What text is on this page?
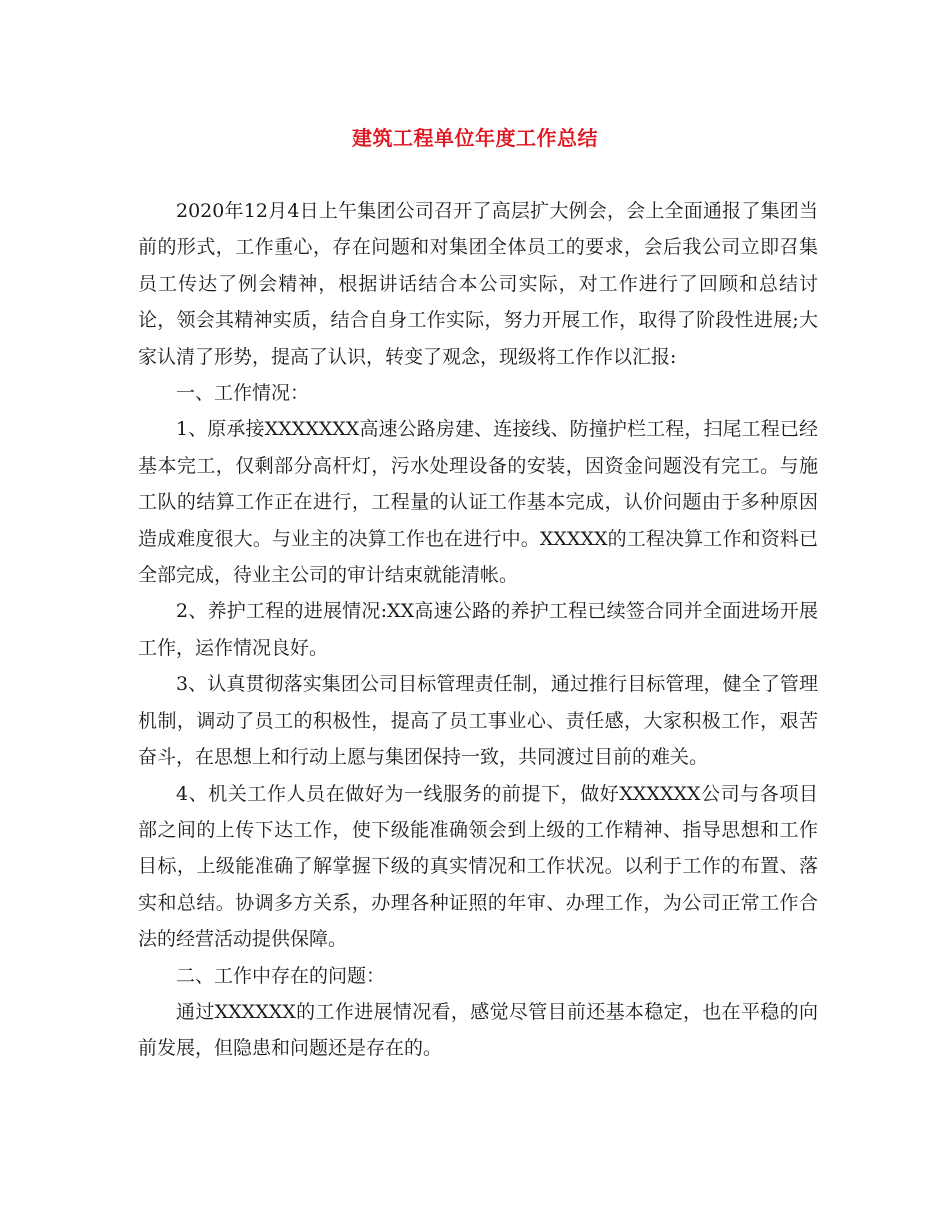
建筑工程单位年度工作总结

2020年12月4日上午集团公司召开了高层扩大例会，会上全面通报了集团当前的形式，工作重心，存在问题和对集团全体员工的要求，会后我公司立即召集员工传达了例会精神，根据讲话结合本公司实际，对工作进行了回顾和总结讨论，领会其精神实质，结合自身工作实际，努力开展工作，取得了阶段性进展;大家认清了形势，提高了认识，转变了观念，现级将工作作以汇报:

一、工作情况：

1、原承接XXXXXXX高速公路房建、连接线、防撞护栏工程，扫尾工程已经基本完工，仅剩部分高杆灯，污水处理设备的安装，因资金问题没有完工。与施工队的结算工作正在进行，工程量的认证工作基本完成，认价问题由于多种原因造成难度很大。与业主的决算工作也在进行中。XXXXX的工程决算工作和资料已全部完成，待业主公司的审计结束就能清帐。

2、养护工程的进展情况:XX高速公路的养护工程已续签合同并全面进场开展工作，运作情况良好。

3、认真贯彻落实集团公司目标管理责任制，通过推行目标管理，健全了管理机制，调动了员工的积极性，提高了员工事业心、责任感，大家积极工作，艰苦奋斗，在思想上和行动上愿与集团保持一致，共同渡过目前的难关。

4、机关工作人员在做好为一线服务的前提下，做好XXXXXX公司与各项目部之间的上传下达工作，使下级能准确领会到上级的工作精神、指导思想和工作目标，上级能准确了解掌握下级的真实情况和工作状况。以利于工作的布置、落实和总结。协调多方关系，办理各种证照的年审、办理工作，为公司正常工作合法的经营活动提供保障。

二、工作中存在的问题：

通过XXXXXX的工作进展情况看，感觉尽管目前还基本稳定，也在平稳的向前发展，但隐患和问题还是存在的。
